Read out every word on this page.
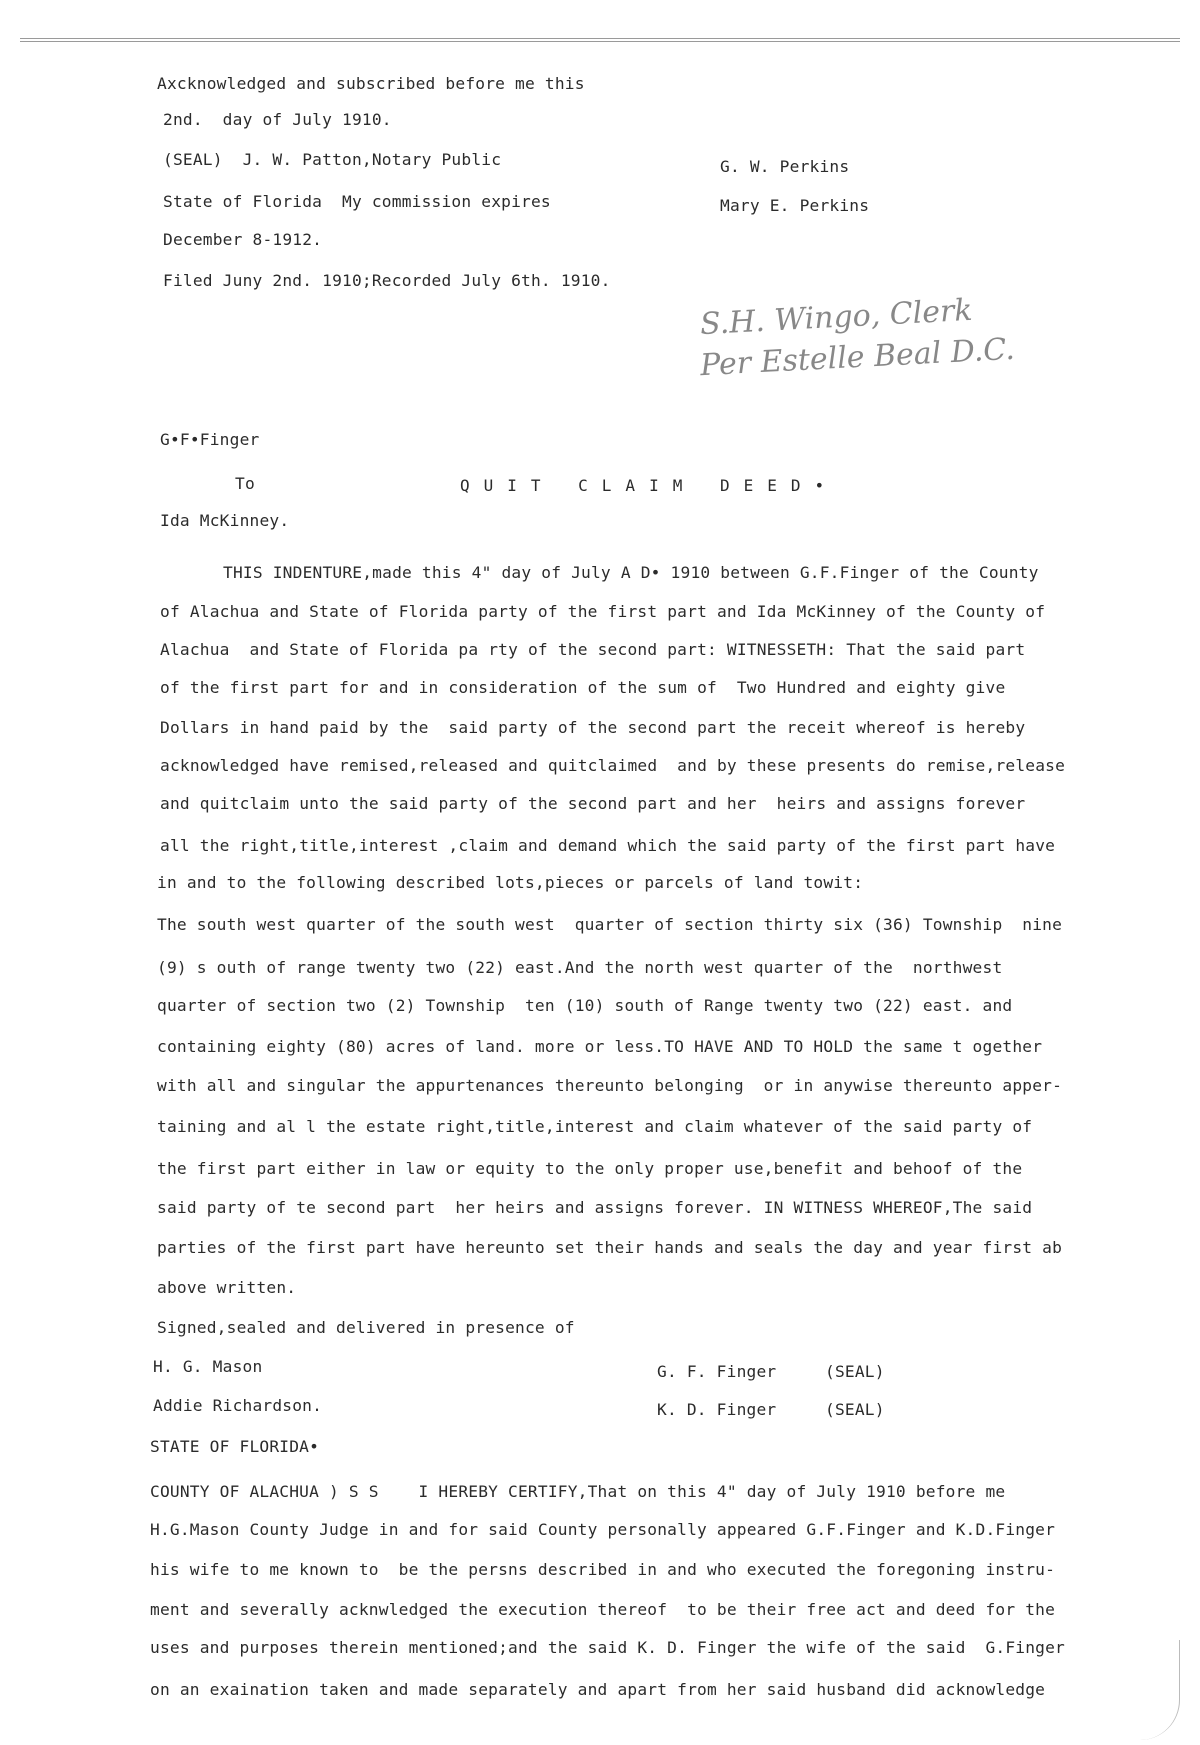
Axcknowledged and subscribed before me this
2nd.  day of July 1910.
(SEAL)  J. W. Patton,Notary Public
State of Florida  My commission expires
December 8-1912.
Filed Juny 2nd. 1910;Recorded July 6th. 1910.
G. W. Perkins
Mary E. Perkins
S.H. Wingo, Clerk
Per Estelle Beal D.C.
G•F•Finger
To	QUIT CLAIM DEED•
Ida McKinney.
THIS INDENTURE,made this 4" day of July A D• 1910 between G.F.Finger of the County
of Alachua and State of Florida party of the first part and Ida McKinney of the County of
Alachua  and State of Florida pa rty of the second part: WITNESSETH: That the said part
of the first part for and in consideration of the sum of  Two Hundred and eighty give
Dollars in hand paid by the  said party of the second part the receit whereof is hereby
acknowledged have remised,released and quitclaimed  and by these presents do remise,release
and quitclaim unto the said party of the second part and her  heirs and assigns forever
all the right,title,interest ,claim and demand which the said party of the first part have
in and to the following described lots,pieces or parcels of land towit:
The south west quarter of the south west  quarter of section thirty six (36) Township  nine
(9) s outh of range twenty two (22) east.And the north west quarter of the  northwest
quarter of section two (2) Township  ten (10) south of Range twenty two (22) east. and
containing eighty (80) acres of land. more or less.TO HAVE AND TO HOLD the same t ogether
with all and singular the appurtenances thereunto belonging  or in anywise thereunto apper-
taining and al l the estate right,title,interest and claim whatever of the said party of
the first part either in law or equity to the only proper use,benefit and behoof of the
said party of te second part  her heirs and assigns forever. IN WITNESS WHEREOF,The said
parties of the first part have hereunto set their hands and seals the day and year first ab
above written.
Signed,sealed and delivered in presence of
H. G. Mason
Addie Richardson.
G. F. Finger	(SEAL)
K. D. Finger	(SEAL)
STATE OF FLORIDA•
COUNTY OF ALACHUA ) S S    I HEREBY CERTIFY,That on this 4" day of July 1910 before me
H.G.Mason County Judge in and for said County personally appeared G.F.Finger and K.D.Finger
his wife to me known to  be the persns described in and who executed the foregoning instru-
ment and severally acknwledged the execution thereof  to be their free act and deed for the
uses and purposes therein mentioned;and the said K. D. Finger the wife of the said  G.Finger
on an exaination taken and made separately and apart from her said husband did acknowledge
